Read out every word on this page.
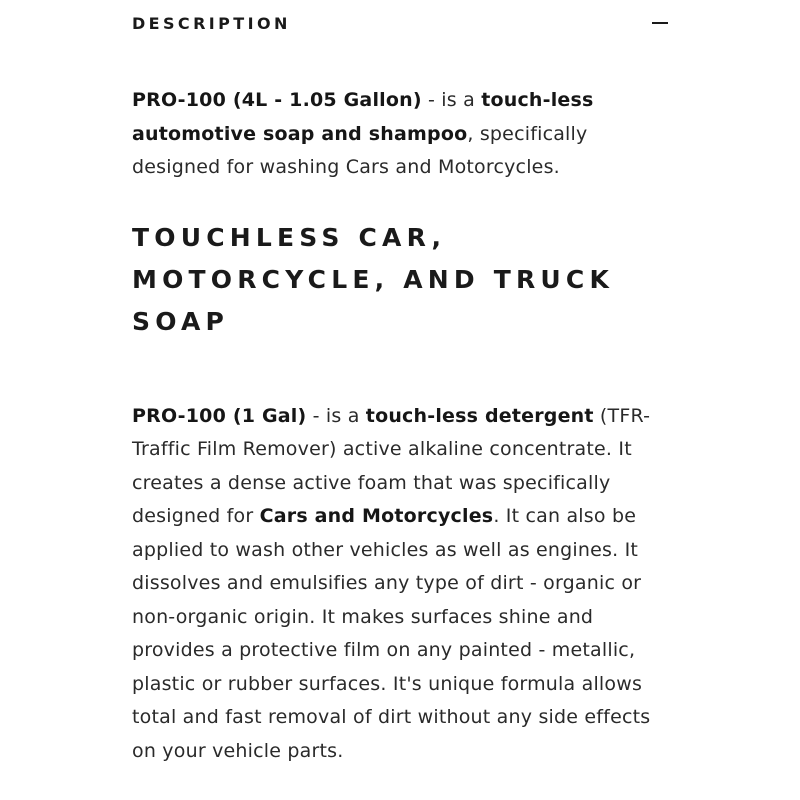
DESCRIPTION

PRO-100 (4L - 1.05 Gallon) - is a touch-less automotive soap and shampoo, specifically designed for washing Cars and Motorcycles.

TOUCHLESS CAR, MOTORCYCLE, AND TRUCK SOAP

PRO-100 (1 Gal) - is a touch-less detergent (TFR-Traffic Film Remover) active alkaline concentrate. It creates a dense active foam that was specifically designed for Cars and Motorcycles. It can also be applied to wash other vehicles as well as engines. It dissolves and emulsifies any type of dirt - organic or non-organic origin. It makes surfaces shine and provides a protective film on any painted - metallic, plastic or rubber surfaces. It's unique formula allows total and fast removal of dirt without any side effects on your vehicle parts.
